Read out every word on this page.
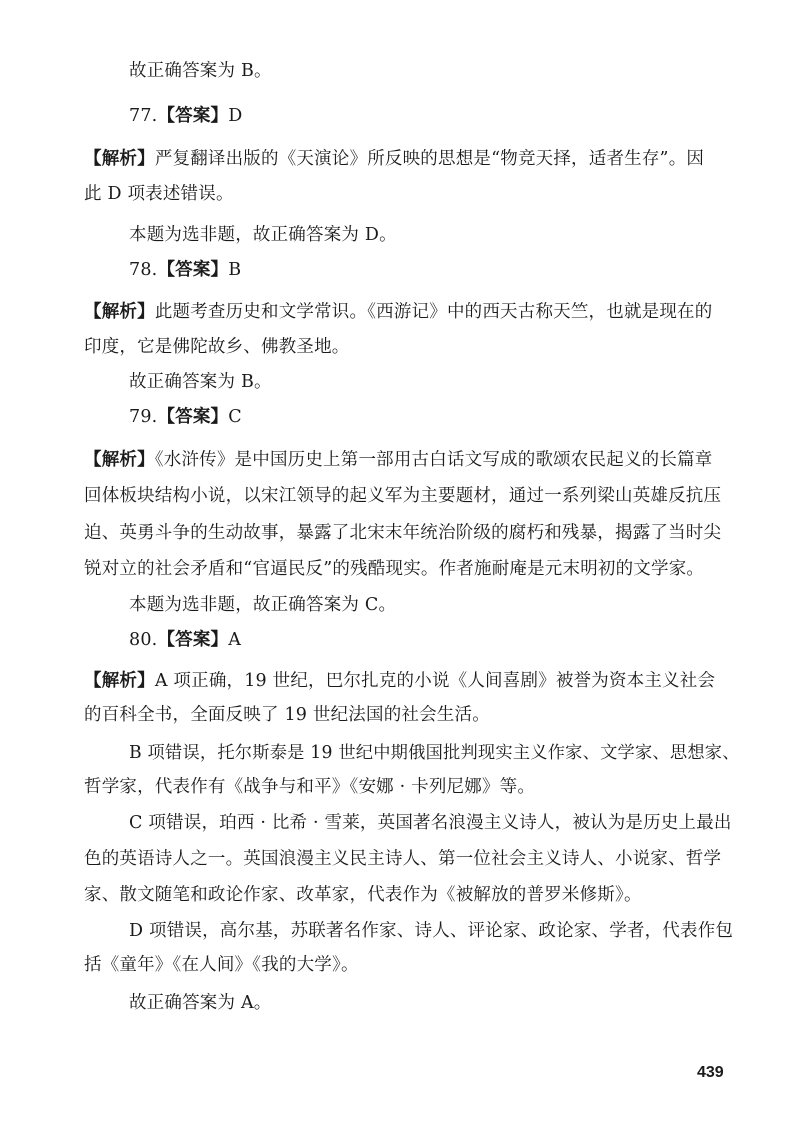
故正确答案为 B。
77.【答案】D
【解析】严复翻译出版的《天演论》所反映的思想是“物竞天择，适者生存”。因
此 D 项表述错误。
本题为选非题，故正确答案为 D。
78.【答案】B
【解析】此题考查历史和文学常识。《西游记》中的西天古称天竺，也就是现在的
印度，它是佛陀故乡、佛教圣地。
故正确答案为 B。
79.【答案】C
【解析】《水浒传》是中国历史上第一部用古白话文写成的歌颂农民起义的长篇章
回体板块结构小说，以宋江领导的起义军为主要题材，通过一系列梁山英雄反抗压
迫、英勇斗争的生动故事，暴露了北宋末年统治阶级的腐朽和残暴，揭露了当时尖
锐对立的社会矛盾和“官逼民反”的残酷现实。作者施耐庵是元末明初的文学家。
本题为选非题，故正确答案为 C。
80.【答案】A
【解析】A 项正确，19 世纪，巴尔扎克的小说《人间喜剧》被誉为资本主义社会
的百科全书，全面反映了 19 世纪法国的社会生活。
B 项错误，托尔斯泰是 19 世纪中期俄国批判现实主义作家、文学家、思想家、
哲学家，代表作有《战争与和平》《安娜 · 卡列尼娜》等。
C 项错误，珀西 · 比希 · 雪莱，英国著名浪漫主义诗人，被认为是历史上最出
色的英语诗人之一。英国浪漫主义民主诗人、第一位社会主义诗人、小说家、哲学
家、散文随笔和政论作家、改革家，代表作为《被解放的普罗米修斯》。
D 项错误，高尔基，苏联著名作家、诗人、评论家、政论家、学者，代表作包
括《童年》《在人间》《我的大学》。
故正确答案为 A。
439
